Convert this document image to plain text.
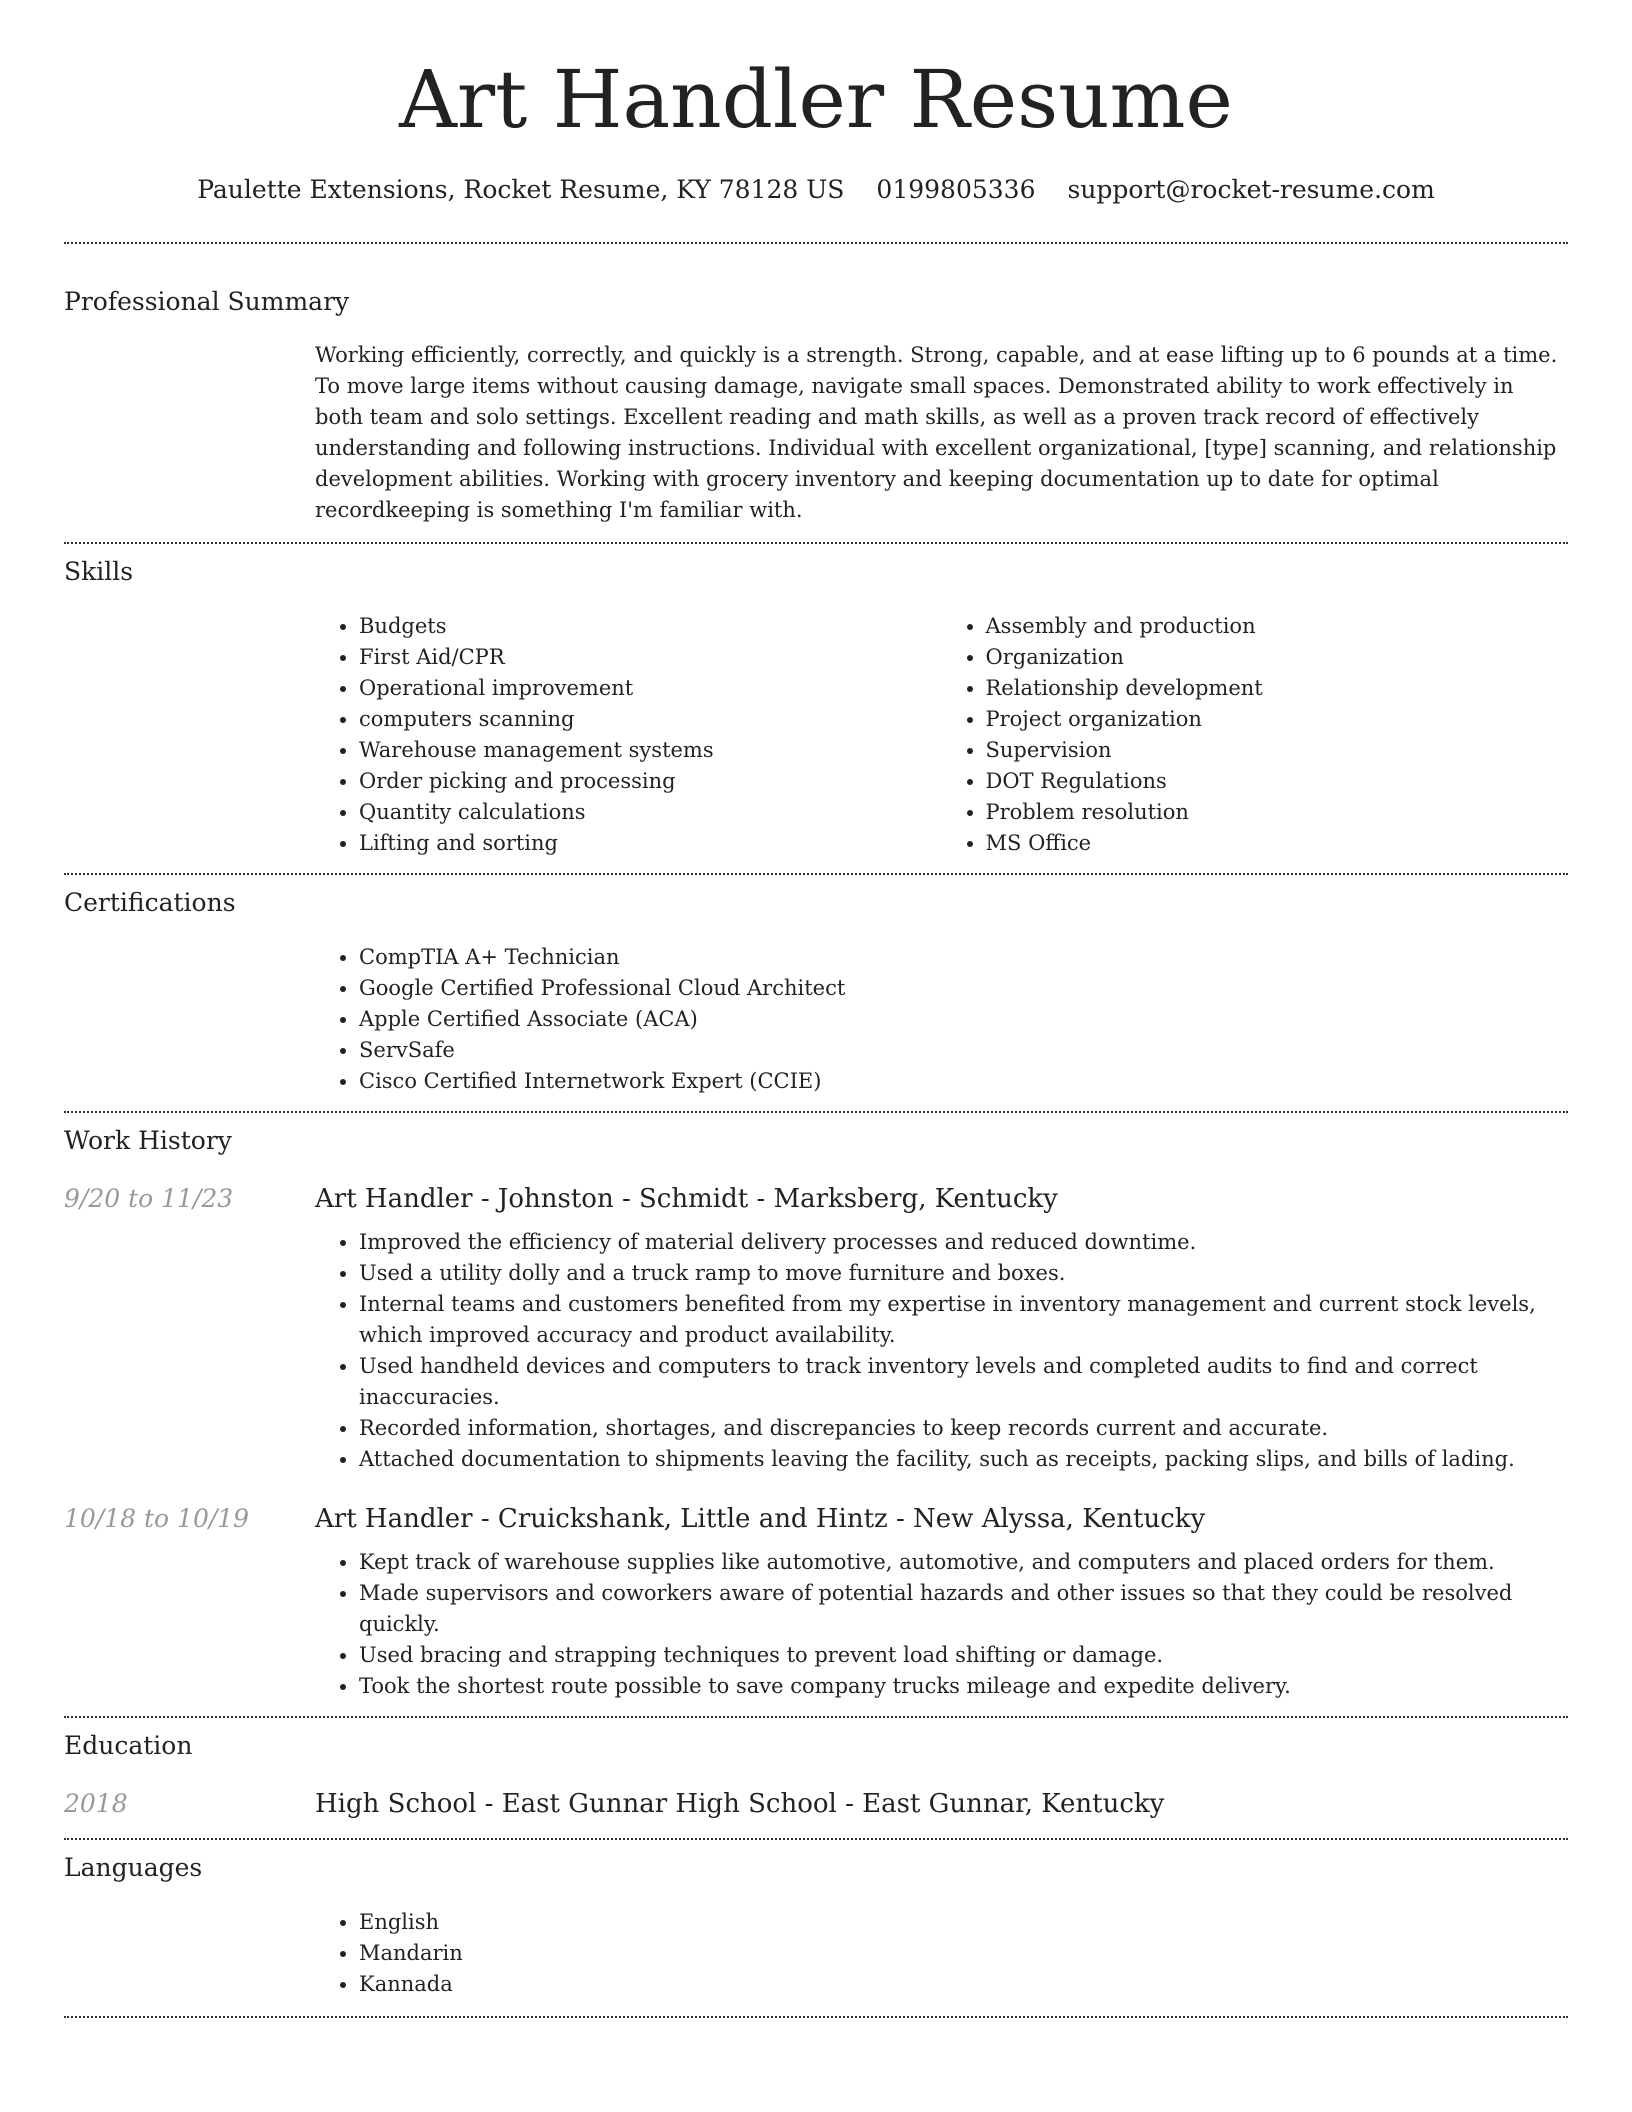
Art Handler Resume
Paulette Extensions, Rocket Resume, KY 78128 US 0199805336 support@rocket-resume.com
Professional Summary

Working efficiently, correctly, and quickly is a strength. Strong, capable, and at ease lifting up to 6 pounds at a time. To move large items without causing damage, navigate small spaces. Demonstrated ability to work effectively in both team and solo settings. Excellent reading and math skills, as well as a proven track record of effectively understanding and following instructions. Individual with excellent organizational, [type] scanning, and relationship development abilities. Working with grocery inventory and keeping documentation up to date for optimal recordkeeping is something I'm familiar with.

Skills
• Budgets
• First Aid/CPR
• Operational improvement
• computers scanning
• Warehouse management systems
• Order picking and processing
• Quantity calculations
• Lifting and sorting
• Assembly and production
• Organization
• Relationship development
• Project organization
• Supervision
• DOT Regulations
• Problem resolution
• MS Office
Certifications
• CompTIA A+ Technician
• Google Certified Professional Cloud Architect
• Apple Certified Associate (ACA)
• ServSafe
• Cisco Certified Internetwork Expert (CCIE)
Work History
9/20 to 11/23	Art Handler - Johnston - Schmidt - Marksberg, Kentucky
• Improved the efficiency of material delivery processes and reduced downtime.
• Used a utility dolly and a truck ramp to move furniture and boxes.
• Internal teams and customers benefited from my expertise in inventory management and current stock levels, which improved accuracy and product availability.
• Used handheld devices and computers to track inventory levels and completed audits to find and correct inaccuracies.
• Recorded information, shortages, and discrepancies to keep records current and accurate.
• Attached documentation to shipments leaving the facility, such as receipts, packing slips, and bills of lading.
10/18 to 10/19	Art Handler - Cruickshank, Little and Hintz - New Alyssa, Kentucky
• Kept track of warehouse supplies like automotive, automotive, and computers and placed orders for them.
• Made supervisors and coworkers aware of potential hazards and other issues so that they could be resolved quickly.
• Used bracing and strapping techniques to prevent load shifting or damage.
• Took the shortest route possible to save company trucks mileage and expedite delivery.
Education
2018	High School - East Gunnar High School - East Gunnar, Kentucky
Languages
• English
• Mandarin
• Kannada
